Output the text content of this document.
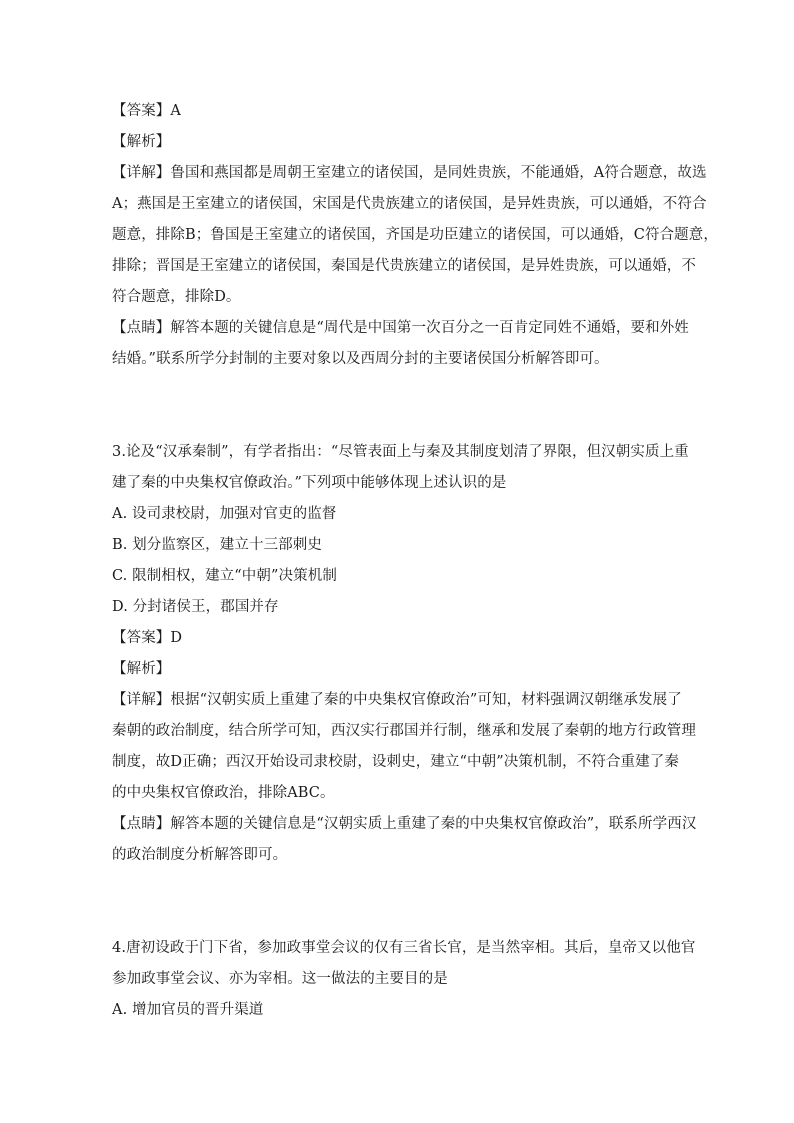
【答案】A
【解析】
【详解】鲁国和燕国都是周朝王室建立的诸侯国，是同姓贵族，不能通婚，A符合题意，故选
A；燕国是王室建立的诸侯国，宋国是代贵族建立的诸侯国，是异姓贵族，可以通婚，不符合
题意，排除B；鲁国是王室建立的诸侯国，齐国是功臣建立的诸侯国，可以通婚，C符合题意，
排除；晋国是王室建立的诸侯国，秦国是代贵族建立的诸侯国，是异姓贵族，可以通婚，不
符合题意，排除D。
【点睛】解答本题的关键信息是“周代是中国第一次百分之一百肯定同姓不通婚，要和外姓
结婚。”联系所学分封制的主要对象以及西周分封的主要诸侯国分析解答即可。
3.论及“汉承秦制”，有学者指出：“尽管表面上与秦及其制度划清了界限，但汉朝实质上重
建了秦的中央集权官僚政治。”下列项中能够体现上述认识的是
A. 设司隶校尉，加强对官吏的监督
B. 划分监察区，建立十三部刺史
C. 限制相权，建立“中朝”决策机制
D. 分封诸侯王，郡国并存
【答案】D
【解析】
【详解】根据“汉朝实质上重建了秦的中央集权官僚政治”可知，材料强调汉朝继承发展了
秦朝的政治制度，结合所学可知，西汉实行郡国并行制，继承和发展了秦朝的地方行政管理
制度，故D正确；西汉开始设司隶校尉，设刺史，建立“中朝”决策机制，不符合重建了秦
的中央集权官僚政治，排除ABC。
【点睛】解答本题的关键信息是“汉朝实质上重建了秦的中央集权官僚政治”，联系所学西汉
的政治制度分析解答即可。
4.唐初设政于门下省，参加政事堂会议的仅有三省长官，是当然宰相。其后，皇帝又以他官
参加政事堂会议、亦为宰相。这一做法的主要目的是
A. 增加官员的晋升渠道
